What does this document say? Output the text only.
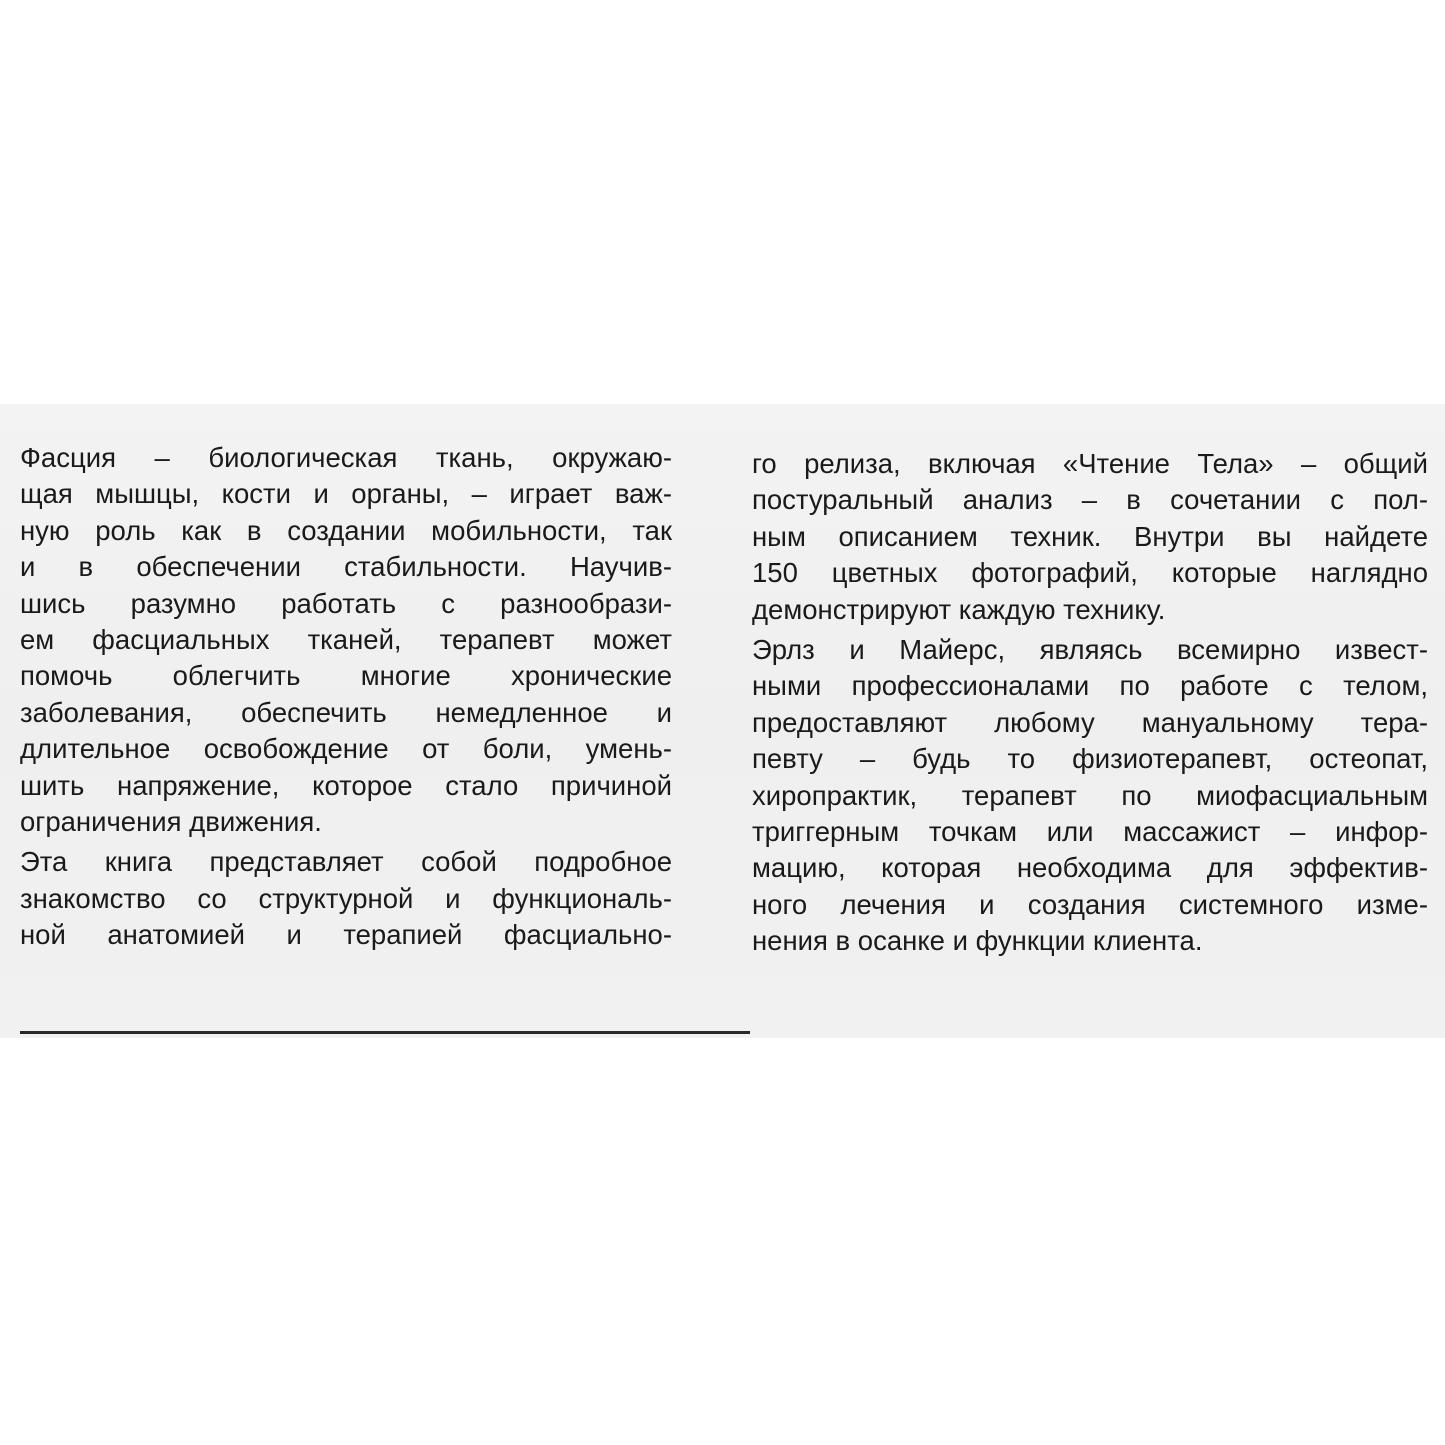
Фасция – биологическая ткань, окружаю-
щая мышцы, кости и органы, – играет важ-
ную роль как в создании мобильности, так
и в обеспечении стабильности. Научив-
шись разумно работать с разнообрази-
ем фасциальных тканей, терапевт может
помочь облегчить многие хронические
заболевания, обеспечить немедленное и
длительное освобождение от боли, умень-
шить напряжение, которое стало причиной
ограничения движения.
Эта книга представляет собой подробное
знакомство со структурной и функциональ-
ной анатомией и терапией фасциально-
го релиза, включая «Чтение Тела» – общий
постуральный анализ – в сочетании с пол-
ным описанием техник. Внутри вы найдете
150 цветных фотографий, которые наглядно
демонстрируют каждую технику.
Эрлз и Майерс, являясь всемирно извест-
ными профессионалами по работе с телом,
предоставляют любому мануальному тера-
певту – будь то физиотерапевт, остеопат,
хиропрактик, терапевт по миофасциальным
триггерным точкам или массажист – инфор-
мацию, которая необходима для эффектив-
ного лечения и создания системного изме-
нения в осанке и функции клиента.
